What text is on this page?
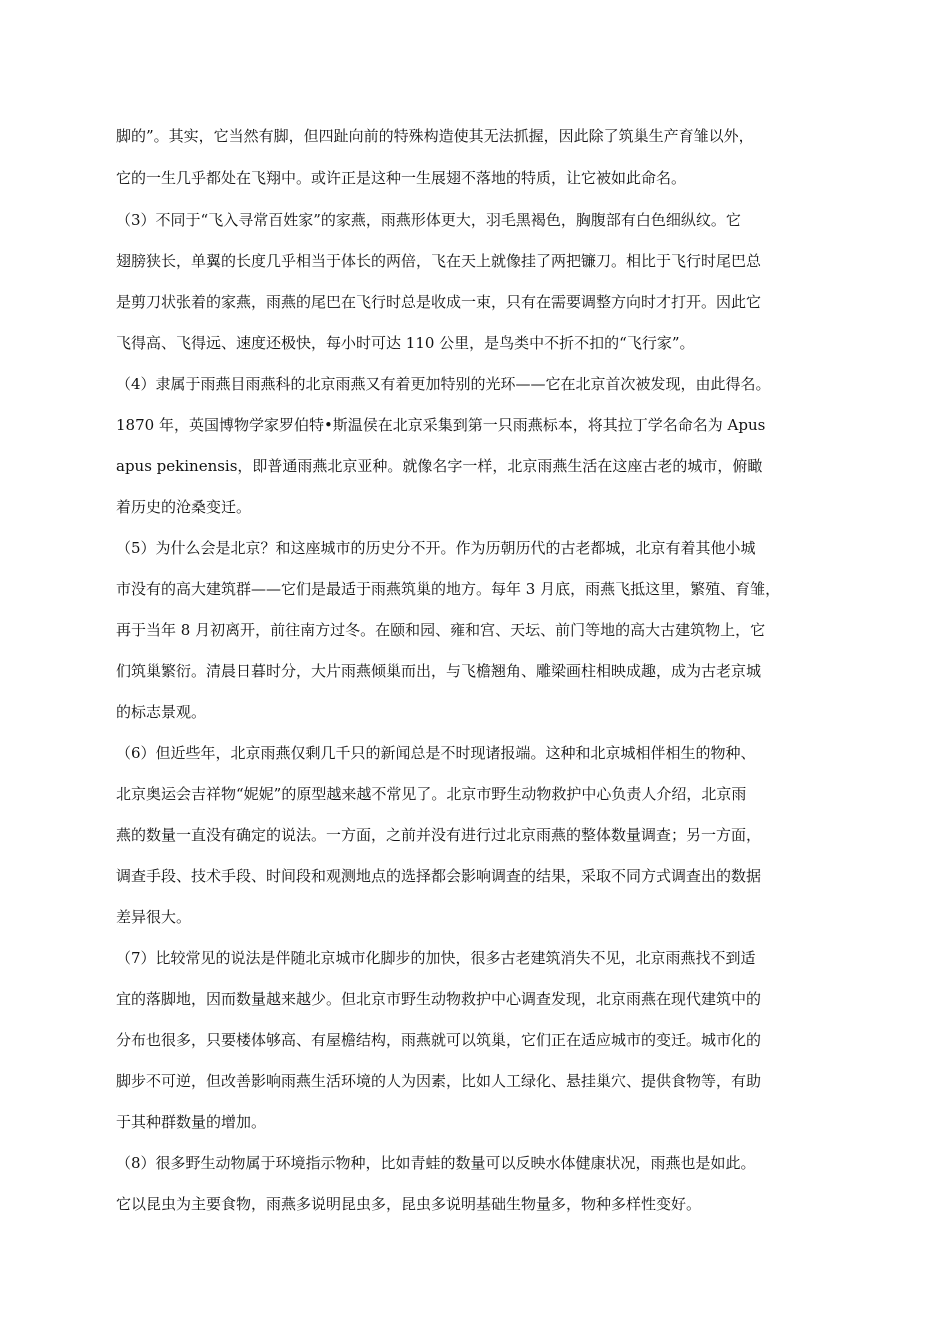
脚的”。其实，它当然有脚，但四趾向前的特殊构造使其无法抓握，因此除了筑巢生产育雏以外，
它的一生几乎都处在飞翔中。或许正是这种一生展翅不落地的特质，让它被如此命名。
（3）不同于“飞入寻常百姓家”的家燕，雨燕形体更大，羽毛黑褐色，胸腹部有白色细纵纹。它
翅膀狭长，单翼的长度几乎相当于体长的两倍，飞在天上就像挂了两把镰刀。相比于飞行时尾巴总
是剪刀状张着的家燕，雨燕的尾巴在飞行时总是收成一束，只有在需要调整方向时才打开。因此它
飞得高、飞得远、速度还极快，每小时可达 110 公里，是鸟类中不折不扣的“飞行家”。
（4）隶属于雨燕目雨燕科的北京雨燕又有着更加特别的光环——它在北京首次被发现，由此得名。
1870 年，英国博物学家罗伯特•斯温侯在北京采集到第一只雨燕标本，将其拉丁学名命名为 Apus
apus pekinensis，即普通雨燕北京亚种。就像名字一样，北京雨燕生活在这座古老的城市，俯瞰
着历史的沧桑变迁。
（5）为什么会是北京？和这座城市的历史分不开。作为历朝历代的古老都城，北京有着其他小城
市没有的高大建筑群——它们是最适于雨燕筑巢的地方。每年 3 月底，雨燕飞抵这里，繁殖、育雏，
再于当年 8 月初离开，前往南方过冬。在颐和园、雍和宫、天坛、前门等地的高大古建筑物上，它
们筑巢繁衍。清晨日暮时分，大片雨燕倾巢而出，与飞檐翘角、雕梁画柱相映成趣，成为古老京城
的标志景观。
（6）但近些年，北京雨燕仅剩几千只的新闻总是不时现诸报端。这种和北京城相伴相生的物种、
北京奥运会吉祥物“妮妮”的原型越来越不常见了。北京市野生动物救护中心负责人介绍，北京雨
燕的数量一直没有确定的说法。一方面，之前并没有进行过北京雨燕的整体数量调查；另一方面，
调查手段、技术手段、时间段和观测地点的选择都会影响调查的结果，采取不同方式调查出的数据
差异很大。
（7）比较常见的说法是伴随北京城市化脚步的加快，很多古老建筑消失不见，北京雨燕找不到适
宜的落脚地，因而数量越来越少。但北京市野生动物救护中心调查发现，北京雨燕在现代建筑中的
分布也很多，只要楼体够高、有屋檐结构，雨燕就可以筑巢，它们正在适应城市的变迁。城市化的
脚步不可逆，但改善影响雨燕生活环境的人为因素，比如人工绿化、悬挂巢穴、提供食物等，有助
于其种群数量的增加。
（8）很多野生动物属于环境指示物种，比如青蛙的数量可以反映水体健康状况，雨燕也是如此。
它以昆虫为主要食物，雨燕多说明昆虫多，昆虫多说明基础生物量多，物种多样性变好。
